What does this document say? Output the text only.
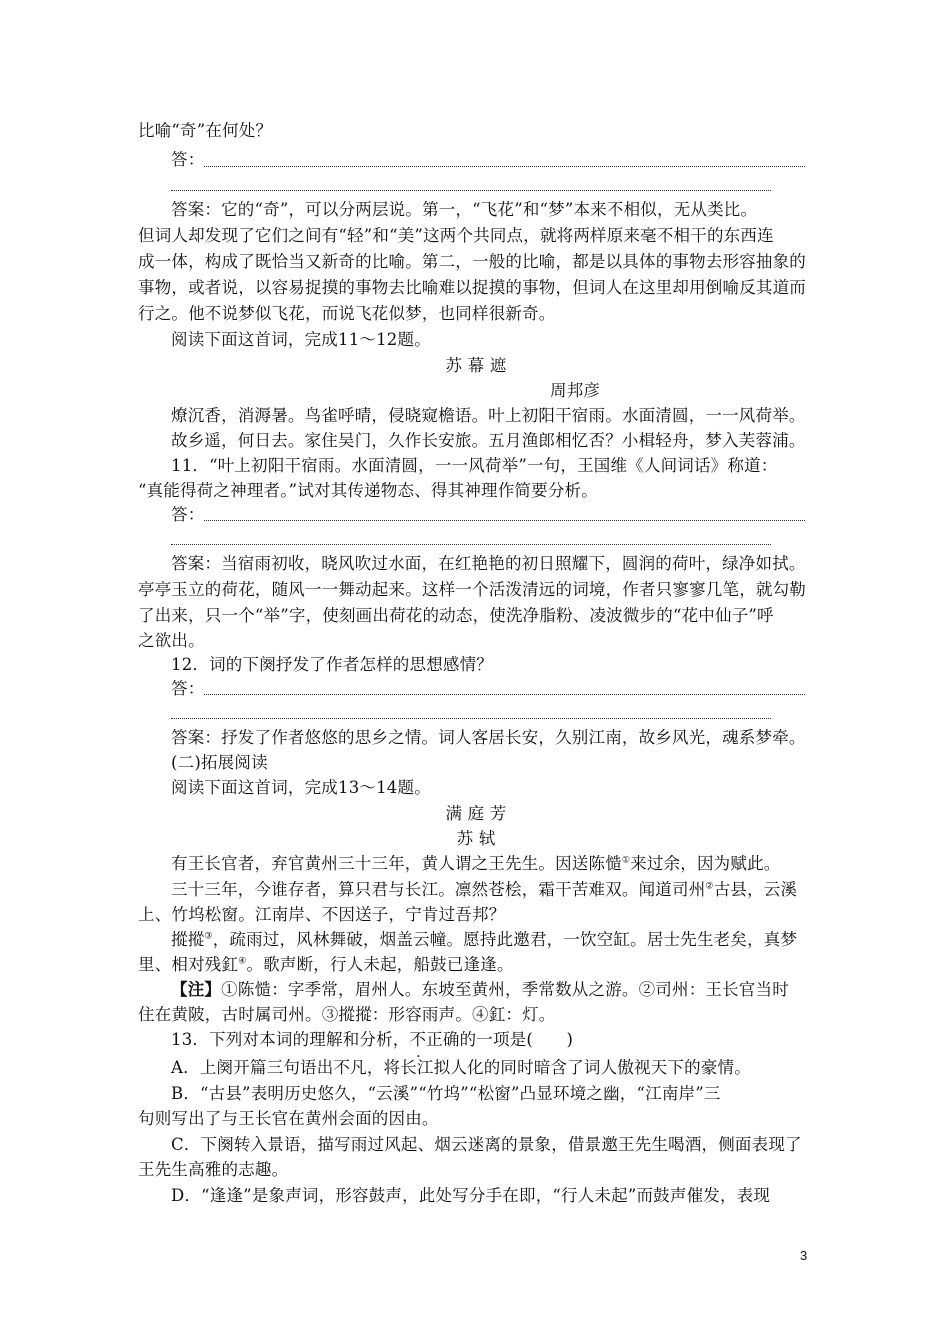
比喻“奇”在何处？
答：
答案：它的“奇”，可以分两层说。第一，“飞花”和“梦”本来不相似，无从类比。
但词人却发现了它们之间有“轻”和“美”这两个共同点，就将两样原来毫不相干的东西连
成一体，构成了既恰当又新奇的比喻。第二，一般的比喻，都是以具体的事物去形容抽象的
事物，或者说，以容易捉摸的事物去比喻难以捉摸的事物，但词人在这里却用倒喻反其道而
行之。他不说梦似飞花，而说飞花似梦，也同样很新奇。
阅读下面这首词，完成11～12题。
苏 幕 遮
周邦彦
燎沉香，消溽暑。鸟雀呼晴，侵晓窥檐语。叶上初阳干宿雨。水面清圆，一一风荷举。
故乡遥，何日去。家住吴门，久作长安旅。五月渔郎相忆否？小楫轻舟，梦入芙蓉浦。
11．“叶上初阳干宿雨。水面清圆，一一风荷举”一句，王国维《人间词话》称道：
“真能得荷之神理者。”试对其传递物态、得其神理作简要分析。
答：
答案：当宿雨初收，晓风吹过水面，在红艳艳的初日照耀下，圆润的荷叶，绿净如拭。
亭亭玉立的荷花，随风一一舞动起来。这样一个活泼清远的词境，作者只寥寥几笔，就勾勒
了出来，只一个“举”字，使刻画出荷花的动态，使洗净脂粉、凌波微步的“花中仙子”呼
之欲出。
12．词的下阕抒发了作者怎样的思想感情？
答：
答案：抒发了作者悠悠的思乡之情。词人客居长安，久别江南，故乡风光，魂系梦牵。
(二)拓展阅读
阅读下面这首词，完成13～14题。
满 庭 芳
苏 轼
有王长官者，弃官黄州三十三年，黄人谓之王先生。因送陈慥①来过余，因为赋此。
三十三年，今谁存者，算只君与长江。凛然苍桧，霜干苦难双。闻道司州②古县，云溪
上、竹坞松窗。江南岸、不因送子，宁肯过吾邦？
摐摐③，疏雨过，风林舞破，烟盖云幢。愿持此邀君，一饮空缸。居士先生老矣，真梦
里、相对残釭④。歌声断，行人未起，船鼓已逢逢。
【注】①陈慥：字季常，眉州人。东坡至黄州，季常数从之游。②司州：王长官当时
住在黄陂，古时属司州。③摐摐：形容雨声。④釭：灯。
13．下列对本词的理解和分析，不正确的一项是(　　)
A．上阕开篇三句语出不凡，将长江拟人化的同时暗含了词人傲视天下的豪情。
B．“古县”表明历史悠久，“云溪”“竹坞”“松窗”凸显环境之幽，“江南岸”三
句则写出了与王长官在黄州会面的因由。
C．下阕转入景语，描写雨过风起、烟云迷离的景象，借景邀王先生喝酒，侧面表现了
王先生高雅的志趣。
D．“逢逢”是象声词，形容鼓声，此处写分手在即，“行人未起”而鼓声催发，表现
3
